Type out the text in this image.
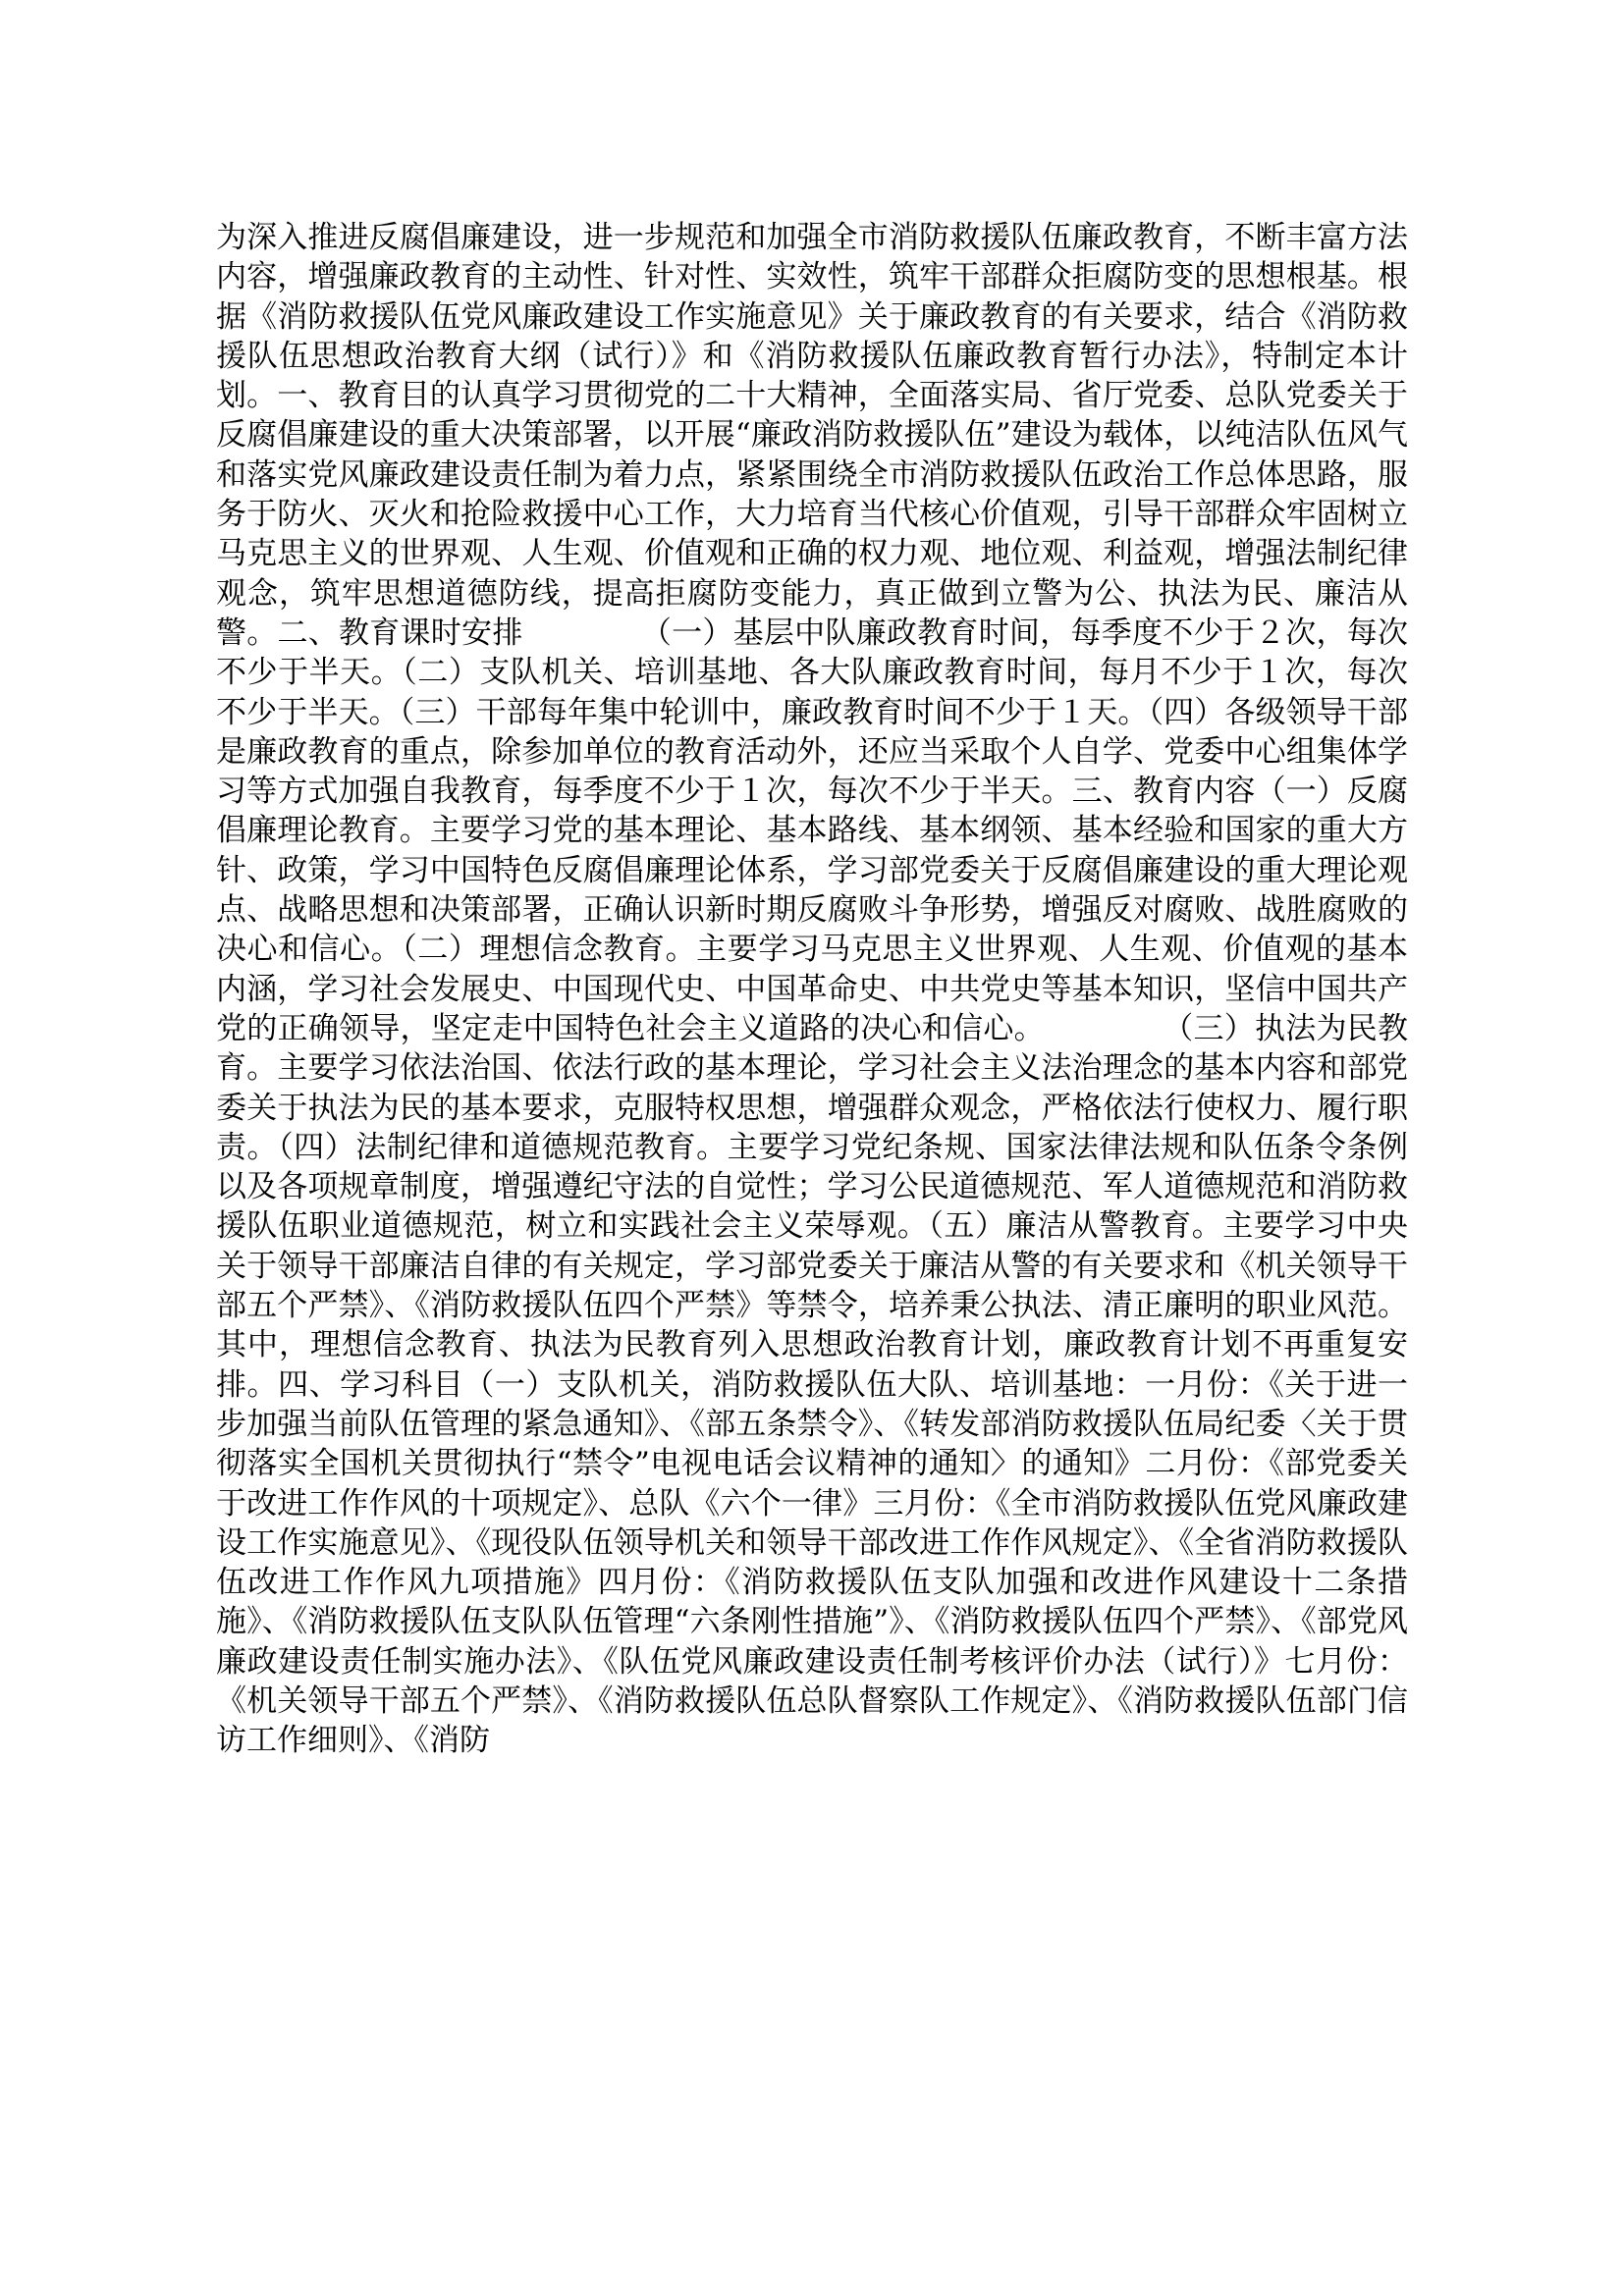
为深入推进反腐倡廉建设，进一步规范和加强全市消防救援队伍廉政教育，不断丰富方法内容，增强廉政教育的主动性、针对性、实效性，筑牢干部群众拒腐防变的思想根基。根据《消防救援队伍党风廉政建设工作实施意见》关于廉政教育的有关要求，结合《消防救援队伍思想政治教育大纲（试行）》和《消防救援队伍廉政教育暂行办法》，特制定本计划。一、教育目的认真学习贯彻党的二十大精神，全面落实局、省厅党委、总队党委关于反腐倡廉建设的重大决策部署，以开展“廉政消防救援队伍”建设为载体，以纯洁队伍风气和落实党风廉政建设责任制为着力点，紧紧围绕全市消防救援队伍政治工作总体思路，服务于防火、灭火和抢险救援中心工作，大力培育当代核心价值观，引导干部群众牢固树立马克思主义的世界观、人生观、价值观和正确的权力观、地位观、利益观，增强法制纪律观念，筑牢思想道德防线，提高拒腐防变能力，真正做到立警为公、执法为民、廉洁从警。二、教育课时安排	（一）基层中队廉政教育时间，每季度不少于２次，每次不少于半天。（二）支队机关、培训基地、各大队廉政教育时间，每月不少于１次，每次不少于半天。（三）干部每年集中轮训中，廉政教育时间不少于１天。（四）各级领导干部是廉政教育的重点，除参加单位的教育活动外，还应当采取个人自学、党委中心组集体学习等方式加强自我教育，每季度不少于１次，每次不少于半天。三、教育内容（一）反腐倡廉理论教育。主要学习党的基本理论、基本路线、基本纲领、基本经验和国家的重大方针、政策，学习中国特色反腐倡廉理论体系，学习部党委关于反腐倡廉建设的重大理论观点、战略思想和决策部署，正确认识新时期反腐败斗争形势，增强反对腐败、战胜腐败的决心和信心。（二）理想信念教育。主要学习马克思主义世界观、人生观、价值观的基本内涵，学习社会发展史、中国现代史、中国革命史、中共党史等基本知识，坚信中国共产党的正确领导，坚定走中国特色社会主义道路的决心和信心。	（三）执法为民教育。主要学习依法治国、依法行政的基本理论，学习社会主义法治理念的基本内容和部党委关于执法为民的基本要求，克服特权思想，增强群众观念，严格依法行使权力、履行职责。（四）法制纪律和道德规范教育。主要学习党纪条规、国家法律法规和队伍条令条例以及各项规章制度，增强遵纪守法的自觉性；学习公民道德规范、军人道德规范和消防救援队伍职业道德规范，树立和实践社会主义荣辱观。（五）廉洁从警教育。主要学习中央关于领导干部廉洁自律的有关规定，学习部党委关于廉洁从警的有关要求和《机关领导干部五个严禁》、《消防救援队伍四个严禁》等禁令，培养秉公执法、清正廉明的职业风范。其中，理想信念教育、执法为民教育列入思想政治教育计划，廉政教育计划不再重复安排。四、学习科目（一）支队机关，消防救援队伍大队、培训基地：一月份：《关于进一步加强当前队伍管理的紧急通知》、《部五条禁令》、《转发部消防救援队伍局纪委〈关于贯彻落实全国机关贯彻执行“禁令”电视电话会议精神的通知〉的通知》二月份：《部党委关于改进工作作风的十项规定》、总队《六个一律》三月份：《全市消防救援队伍党风廉政建设工作实施意见》、《现役队伍领导机关和领导干部改进工作作风规定》、《全省消防救援队伍改进工作作风九项措施》四月份：《消防救援队伍支队加强和改进作风建设十二条措施》、《消防救援队伍支队队伍管理“六条刚性措施”》、《消防救援队伍四个严禁》、《部党风廉政建设责任制实施办法》、《队伍党风廉政建设责任制考核评价办法（试行）》七月份：《机关领导干部五个严禁》、《消防救援队伍总队督察队工作规定》、《消防救援队伍部门信访工作细则》、《消防
